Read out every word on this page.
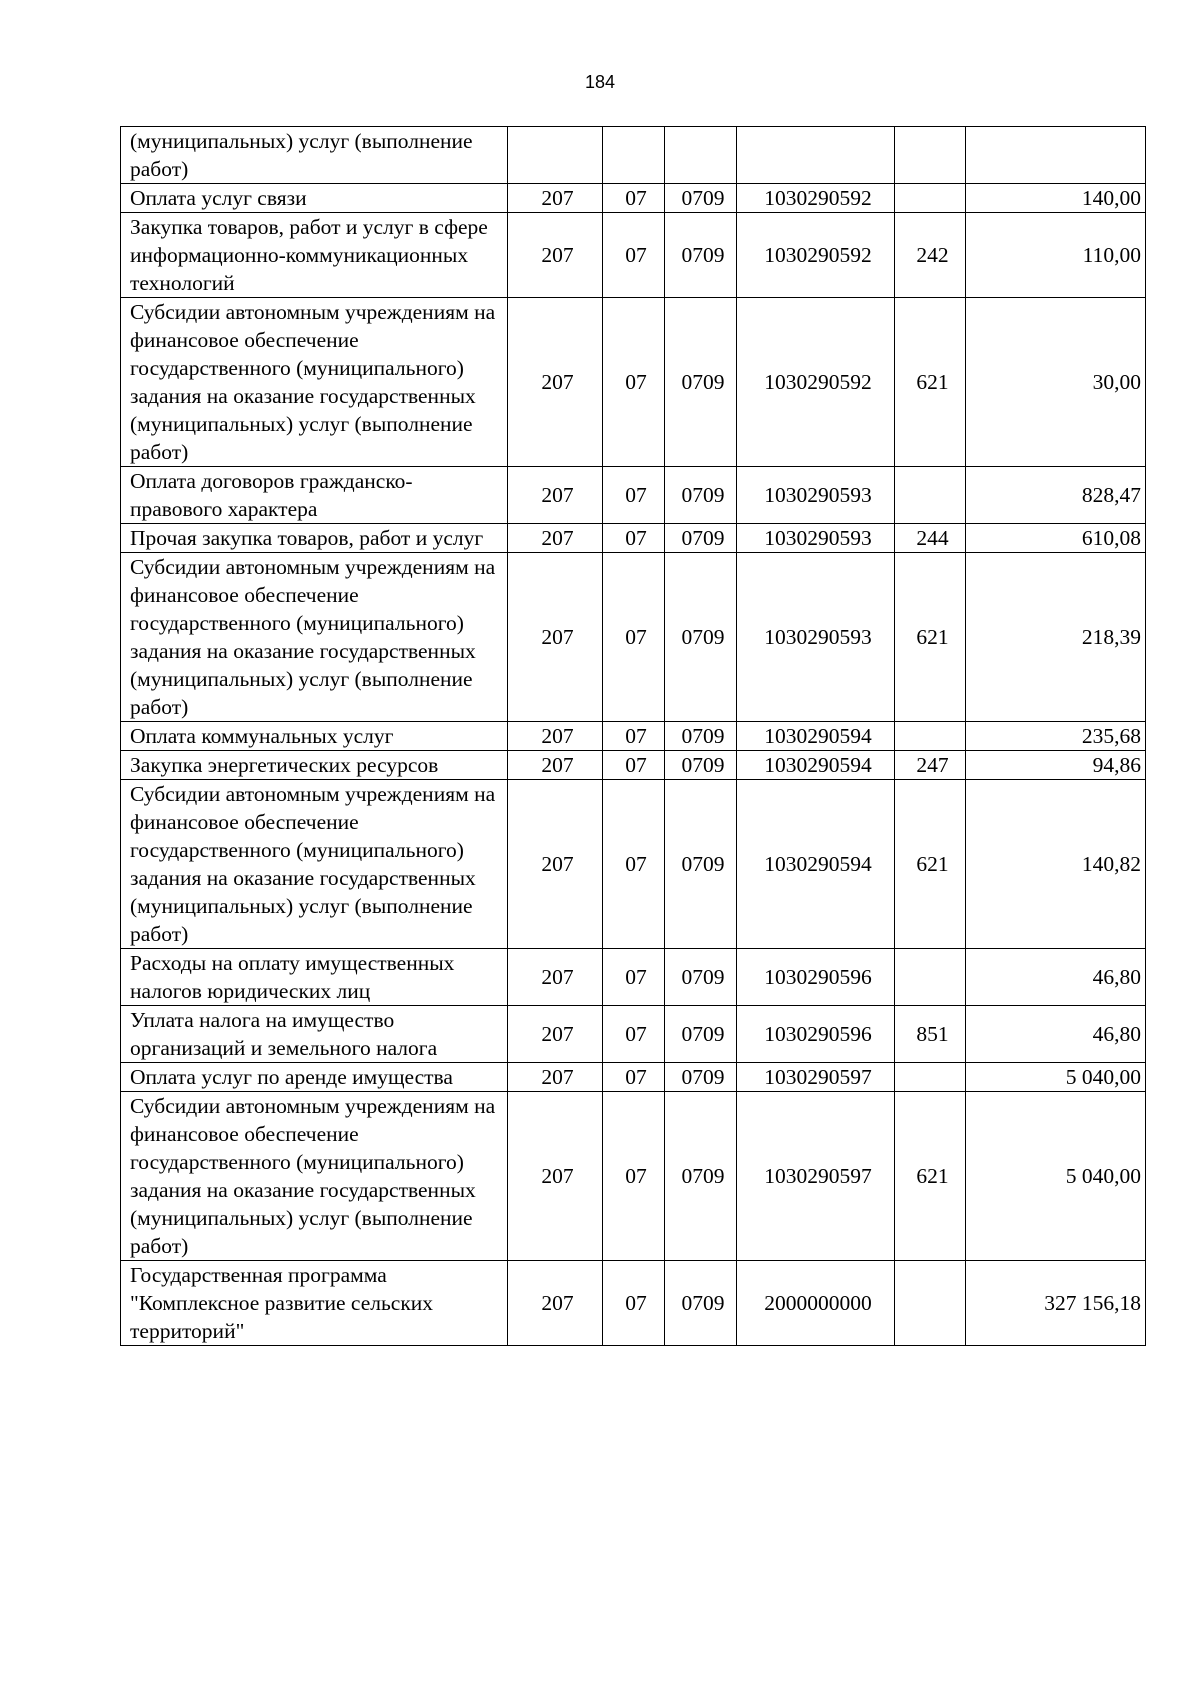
184
(муниципальных) услуг (выполнение работ)						
Оплата услуг связи	207	07	0709	1030290592		140,00
Закупка товаров, работ и услуг в сфере информационно-коммуникационных технологий	207	07	0709	1030290592	242	110,00
Субсидии автономным учреждениям на финансовое обеспечение государственного (муниципального) задания на оказание государственных (муниципальных) услуг (выполнение работ)	207	07	0709	1030290592	621	30,00
Оплата договоров гражданско-правового характера	207	07	0709	1030290593		828,47
Прочая закупка товаров, работ и услуг	207	07	0709	1030290593	244	610,08
Субсидии автономным учреждениям на финансовое обеспечение государственного (муниципального) задания на оказание государственных (муниципальных) услуг (выполнение работ)	207	07	0709	1030290593	621	218,39
Оплата коммунальных услуг	207	07	0709	1030290594		235,68
Закупка энергетических ресурсов	207	07	0709	1030290594	247	94,86
Субсидии автономным учреждениям на финансовое обеспечение государственного (муниципального) задания на оказание государственных (муниципальных) услуг (выполнение работ)	207	07	0709	1030290594	621	140,82
Расходы на оплату имущественных налогов юридических лиц	207	07	0709	1030290596		46,80
Уплата налога на имущество организаций и земельного налога	207	07	0709	1030290596	851	46,80
Оплата услуг по аренде имущества	207	07	0709	1030290597		5 040,00
Субсидии автономным учреждениям на финансовое обеспечение государственного (муниципального) задания на оказание государственных (муниципальных) услуг (выполнение работ)	207	07	0709	1030290597	621	5 040,00
Государственная программа "Комплексное развитие сельских территорий"	207	07	0709	2000000000		327 156,18
